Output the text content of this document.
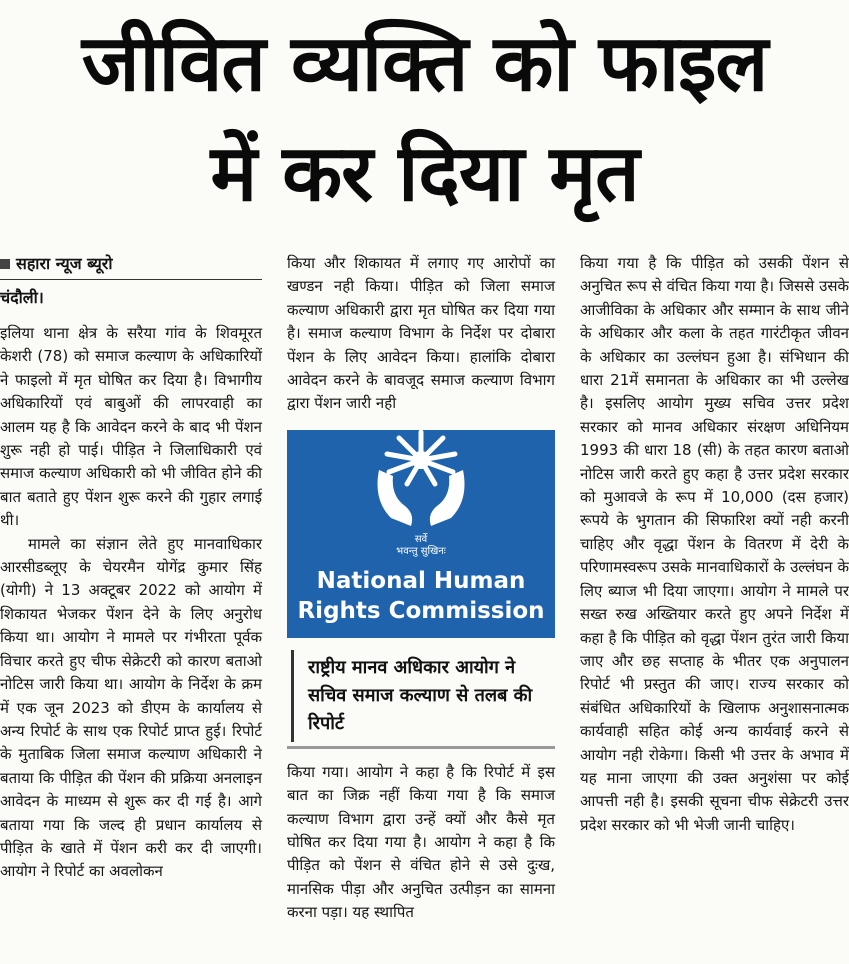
जीवित व्यक्ति को फाइल
में कर दिया मृत
सहारा न्यूज ब्यूरो
चंदौली।

इलिया थाना क्षेत्र के सरैया गांव के शिवमूरत केशरी (78) को समाज कल्याण के अधिकारियों ने फाइलो में मृत घोषित कर दिया है। विभागीय अधिकारियों एवं बाबुओं की लापरवाही का आलम यह है कि आवेदन करने के बाद भी पेंशन शुरू नही हो पाई। पीड़ित ने जिलाधिकारी एवं समाज कल्याण अधिकारी को भी जीवित होने की बात बताते हुए पेंशन शुरू करने की गुहार लगाई थी।

मामले का संज्ञान लेते हुए मानवाधिकार आरसीडब्लूए के चेयरमैन योगेंद्र कुमार सिंह (योगी) ने 13 अक्टूबर 2022 को आयोग में शिकायत भेजकर पेंशन देने के लिए अनुरोध किया था। आयोग ने मामले पर गंभीरता पूर्वक विचार करते हुए चीफ सेक्रेटरी को कारण बताओ नोटिस जारी किया था। आयोग के निर्देश के क्रम में एक जून 2023 को डीएम के कार्यालय से अन्य रिपोर्ट के साथ एक रिपोर्ट प्राप्त हुई। रिपोर्ट के मुताबिक जिला समाज कल्याण अधिकारी ने बताया कि पीड़ित की पेंशन की प्रक्रिया अनलाइन आवेदन के माध्यम से शुरू कर दी गई है। आगे बताया गया कि जल्द ही प्रधान कार्यालय से पीड़ित के खाते में पेंशन करी कर दी जाएगी। आयोग ने रिपोर्ट का अवलोकन

किया और शिकायत में लगाए गए आरोपों का खण्डन नही किया। पीड़ित को जिला समाज कल्याण अधिकारी द्वारा मृत घोषित कर दिया गया है। समाज कल्याण विभाग के निर्देश पर दोबारा पेंशन के लिए आवेदन किया। हालांकि दोबारा आवेदन करने के बावजूद समाज कल्याण विभाग द्वारा पेंशन जारी नही

सर्वे
भवन्तु सुखिनः
National Human
Rights Commission
राष्ट्रीय मानव अधिकार आयोग ने सचिव समाज कल्याण से तलब की रिपोर्ट

किया गया। आयोग ने कहा है कि रिपोर्ट में इस बात का जिक्र नहीं किया गया है कि समाज कल्याण विभाग द्वारा उन्हें क्यों और कैसे मृत घोषित कर दिया गया है। आयोग ने कहा है कि पीड़ित को पेंशन से वंचित होने से उसे दुःख, मानसिक पीड़ा और अनुचित उत्पीड़न का सामना करना पड़ा। यह स्थापित

किया गया है कि पीड़ित को उसकी पेंशन से अनुचित रूप से वंचित किया गया है। जिससे उसके आजीविका के अधिकार और सम्मान के साथ जीने के अधिकार और कला के तहत गारंटीकृत जीवन के अधिकार का उल्लंघन हुआ है। संभिधान की धारा 21में समानता के अधिकार का भी उल्लेख है। इसलिए आयोग मुख्य सचिव उत्तर प्रदेश सरकार को मानव अधिकार संरक्षण अधिनियम 1993 की धारा 18 (सी) के तहत कारण बताओ नोटिस जारी करते हुए कहा है उत्तर प्रदेश सरकार को मुआवजे के रूप में 10,000 (दस हजार) रूपये के भुगतान की सिफारिश क्यों नही करनी चाहिए और वृद्धा पेंशन के वितरण में देरी के परिणामस्वरूप उसके मानवाधिकारों के उल्लंघन के लिए ब्याज भी दिया जाएगा। आयोग ने मामले पर सख्त रुख अख्तियार करते हुए अपने निर्देश में कहा है कि पीड़ित को वृद्धा पेंशन तुरंत जारी किया जाए और छह सप्ताह के भीतर एक अनुपालन रिपोर्ट भी प्रस्तुत की जाए। राज्य सरकार को संबंधित अधिकारियों के खिलाफ अनुशासनात्मक कार्यवाही सहित कोई अन्य कार्यवाई करने से आयोग नही रोकेगा। किसी भी उत्तर के अभाव में यह माना जाएगा की उक्त अनुशंसा पर कोई आपत्ती नही है। इसकी सूचना चीफ सेक्रेटरी उत्तर प्रदेश सरकार को भी भेजी जानी चाहिए।
